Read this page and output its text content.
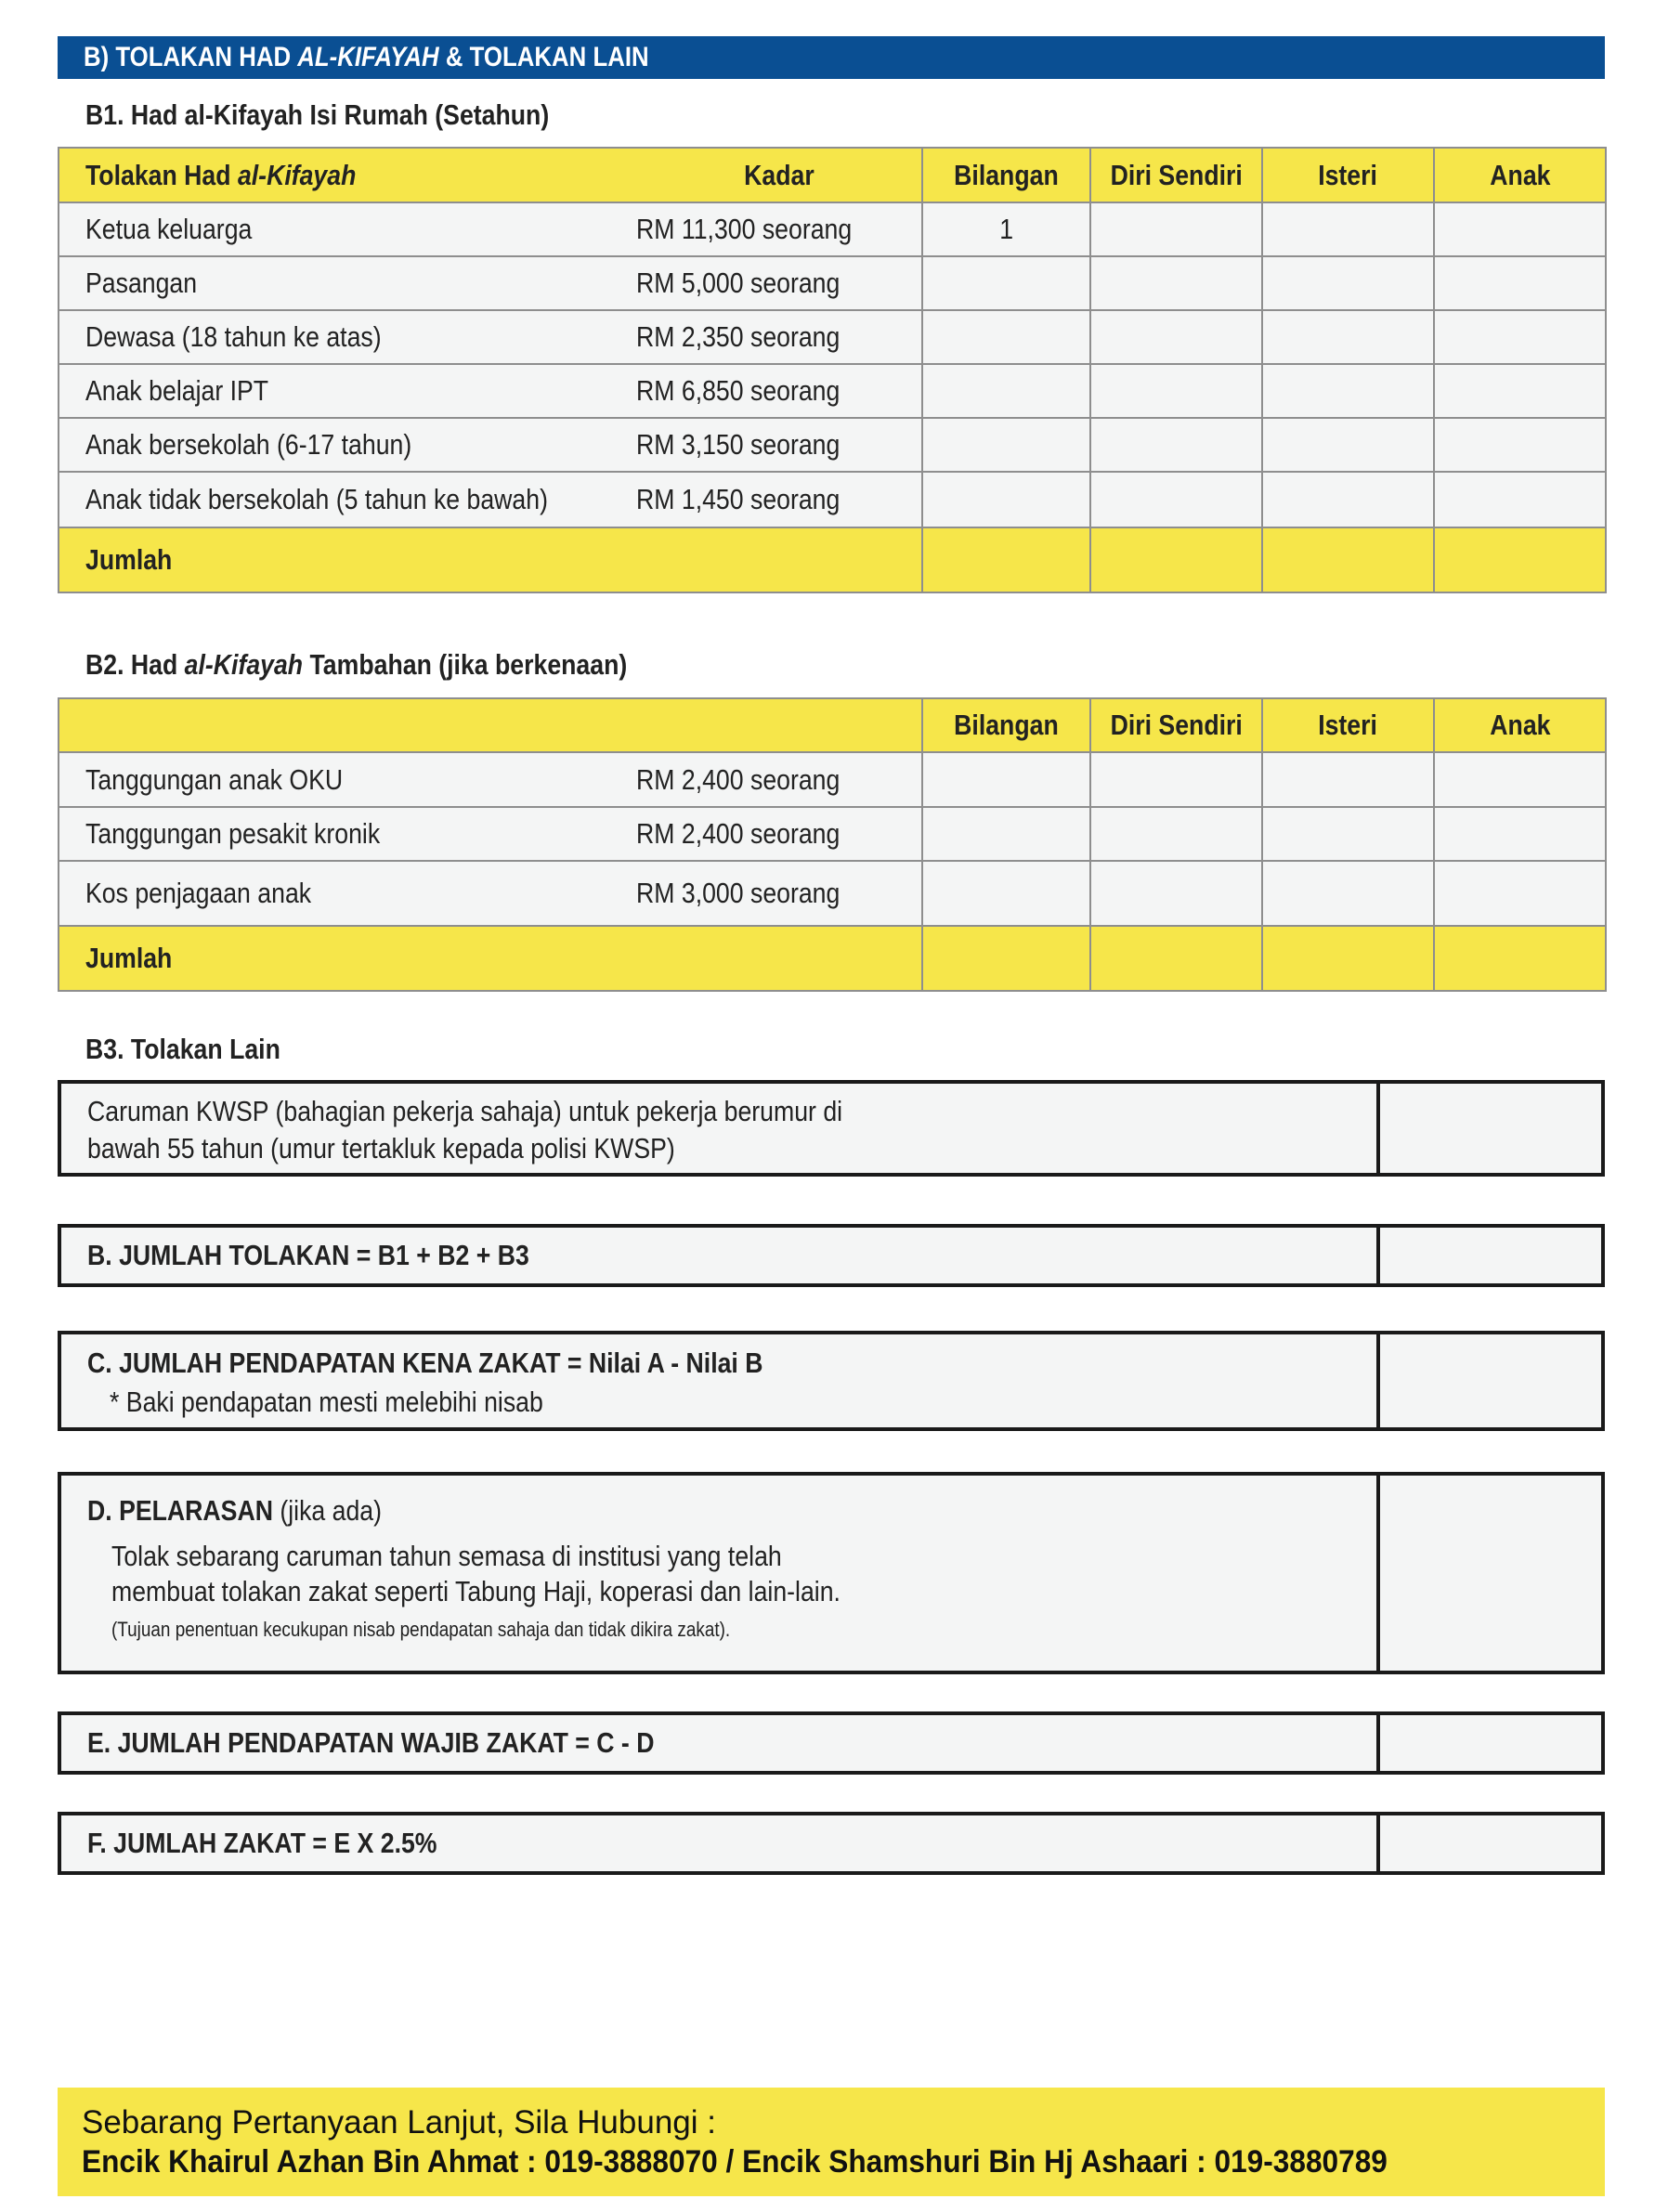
B) TOLAKAN HAD AL-KIFAYAH & TOLAKAN LAIN
B1. Had al-Kifayah Isi Rumah (Setahun)
Tolakan Had al-Kifayah	Kadar	Bilangan	Diri Sendiri	Isteri	Anak
Ketua keluarga	RM 11,300 seorang	1			
Pasangan	RM 5,000 seorang				
Dewasa (18 tahun ke atas)	RM 2,350 seorang				
Anak belajar IPT	RM 6,850 seorang				
Anak bersekolah (6-17 tahun)	RM 3,150 seorang				
Anak tidak bersekolah (5 tahun ke bawah)	RM 1,450 seorang				
Jumlah					
B2. Had al-Kifayah Tambahan (jika berkenaan)
		Bilangan	Diri Sendiri	Isteri	Anak
Tanggungan anak OKU	RM 2,400 seorang				
Tanggungan pesakit kronik	RM 2,400 seorang				
Kos penjagaan anak	RM 3,000 seorang				
Jumlah					
B3. Tolakan Lain
Caruman KWSP (bahagian pekerja sahaja) untuk pekerja berumur di
bawah 55 tahun (umur tertakluk kepada polisi KWSP)
B. JUMLAH TOLAKAN = B1 + B2 + B3
C. JUMLAH PENDAPATAN KENA ZAKAT = Nilai A - Nilai B
* Baki pendapatan mesti melebihi nisab
D. PELARASAN (jika ada)
Tolak sebarang caruman tahun semasa di institusi yang telah
membuat tolakan zakat seperti Tabung Haji, koperasi dan lain-lain.
(Tujuan penentuan kecukupan nisab pendapatan sahaja dan tidak dikira zakat).
E. JUMLAH PENDAPATAN WAJIB ZAKAT = C - D
F. JUMLAH ZAKAT = E X 2.5%
Sebarang Pertanyaan Lanjut, Sila Hubungi :
Encik Khairul Azhan Bin Ahmat : 019-3888070 / Encik Shamshuri Bin Hj Ashaari : 019-3880789
